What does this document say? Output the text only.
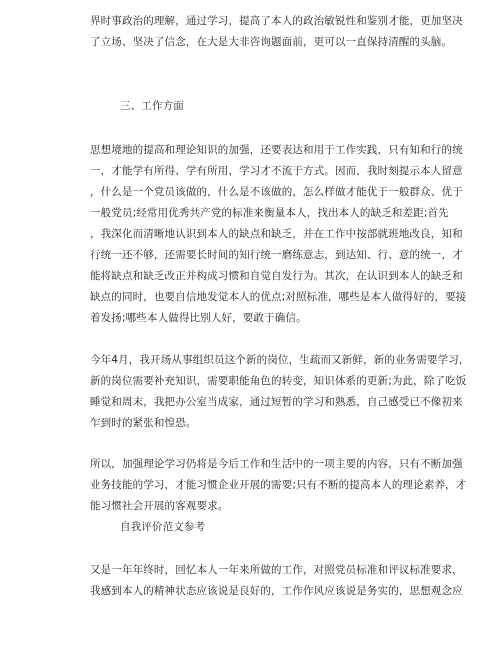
界时事政治的理解，通过学习，提高了本人的政治敏锐性和鉴别才能，更加坚决
了立场、坚决了信念，在大是大非咨询题面前，更可以一直保持清醒的头脑。
三、工作方面
思想境地的提高和理论知识的加强，还要表达和用于工作实践，只有知和行的统
一，才能学有所得、学有所用，学习才不流于方式。因而，我时刻提示本人留意
，什么是一个党员该做的，什么是不该做的，怎么样做才能优于一般群众、优于
一般党员;经常用优秀共产党的标准来衡量本人，找出本人的缺乏和差距;首先
，我深化而清晰地认识到本人的缺点和缺乏，并在工作中按部就班地改良，知和
行统一还不够，还需要长时间的知行统一磨练意志，到达知、行、意的统一，才
能将缺点和缺乏改正并构成习惯和自觉自发行为。其次，在认识到本人的缺乏和
缺点的同时，也要自信地发觉本人的优点;对照标准，哪些是本人做得好的，要接
着发扬;哪些本人做得比别人好，要敢于确信。
今年4月，我开场从事组织员这个新的岗位，生疏而又新鲜，新的业务需要学习，
新的岗位需要补充知识，需要职能角色的转变，知识体系的更新;为此，除了吃饭
睡觉和周末，我把办公室当成家，通过短暂的学习和熟悉，自己感受已不像初来
乍到时的紧张和惶恐。
所以，加强理论学习仍将是今后工作和生活中的一项主要的内容，只有不断加强
业务技能的学习，才能习惯企业开展的需要;只有不断的提高本人的理论素养，才
能习惯社会开展的客观要求。
自我评价范文参考
又是一年年终时，回忆本人一年来所做的工作，对照党员标准和评议标准要求，
我感到本人的精神状态应该说是良好的，工作作风应该说是务实的，思想观念应
